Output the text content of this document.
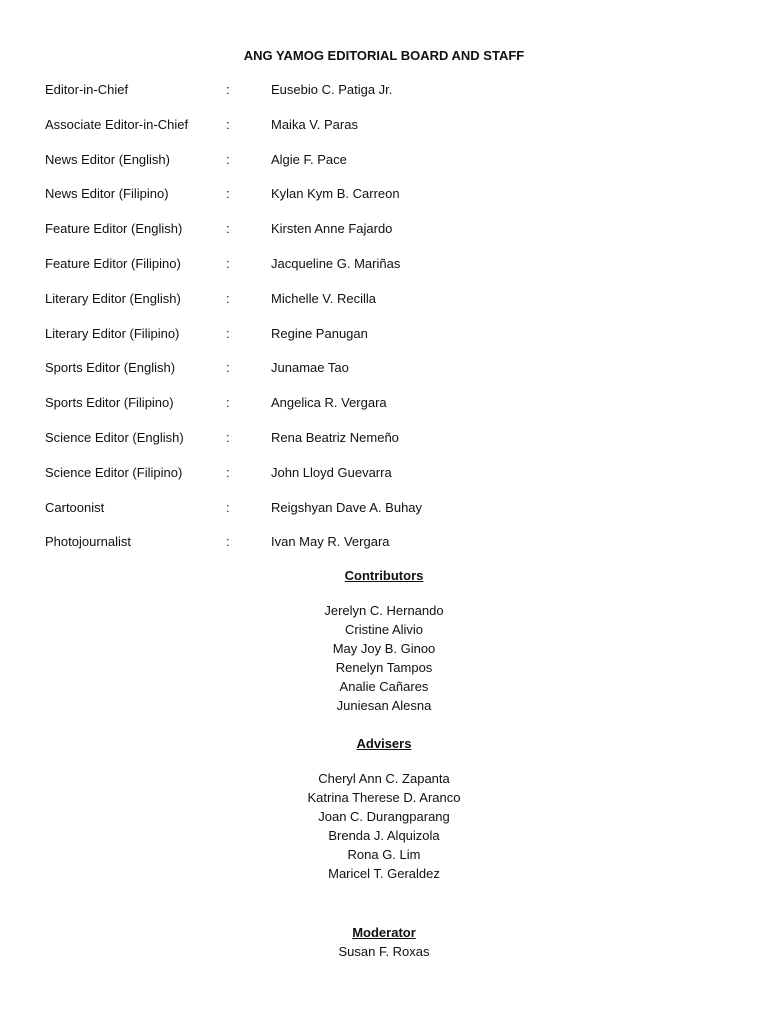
ANG YAMOG EDITORIAL BOARD AND STAFF
Editor-in-Chief	:	Eusebio C. Patiga Jr.
Associate Editor-in-Chief	:	Maika V. Paras
News Editor (English)	:	Algie F. Pace
News Editor (Filipino)	:	Kylan Kym B. Carreon
Feature Editor (English)	:	Kirsten Anne Fajardo
Feature Editor (Filipino)	:	Jacqueline G. Mariñas
Literary Editor (English)	:	Michelle V. Recilla
Literary Editor (Filipino)	:	Regine Panugan
Sports Editor (English)	:	Junamae Tao
Sports Editor (Filipino)	:	Angelica R. Vergara
Science Editor (English)	:	Rena Beatriz Nemeño
Science Editor (Filipino)	:	John Lloyd Guevarra
Cartoonist	:	Reigshyan Dave A. Buhay
Photojournalist	:	Ivan May R. Vergara
Contributors
Jerelyn C. Hernando
Cristine Alivio
May Joy B. Ginoo
Renelyn Tampos
Analie Cañares
Juniesan Alesna
Advisers
Cheryl Ann C. Zapanta
Katrina Therese D. Aranco
Joan C. Durangparang
Brenda J. Alquizola
Rona G. Lim
Maricel T. Geraldez
Moderator
Susan F. Roxas
